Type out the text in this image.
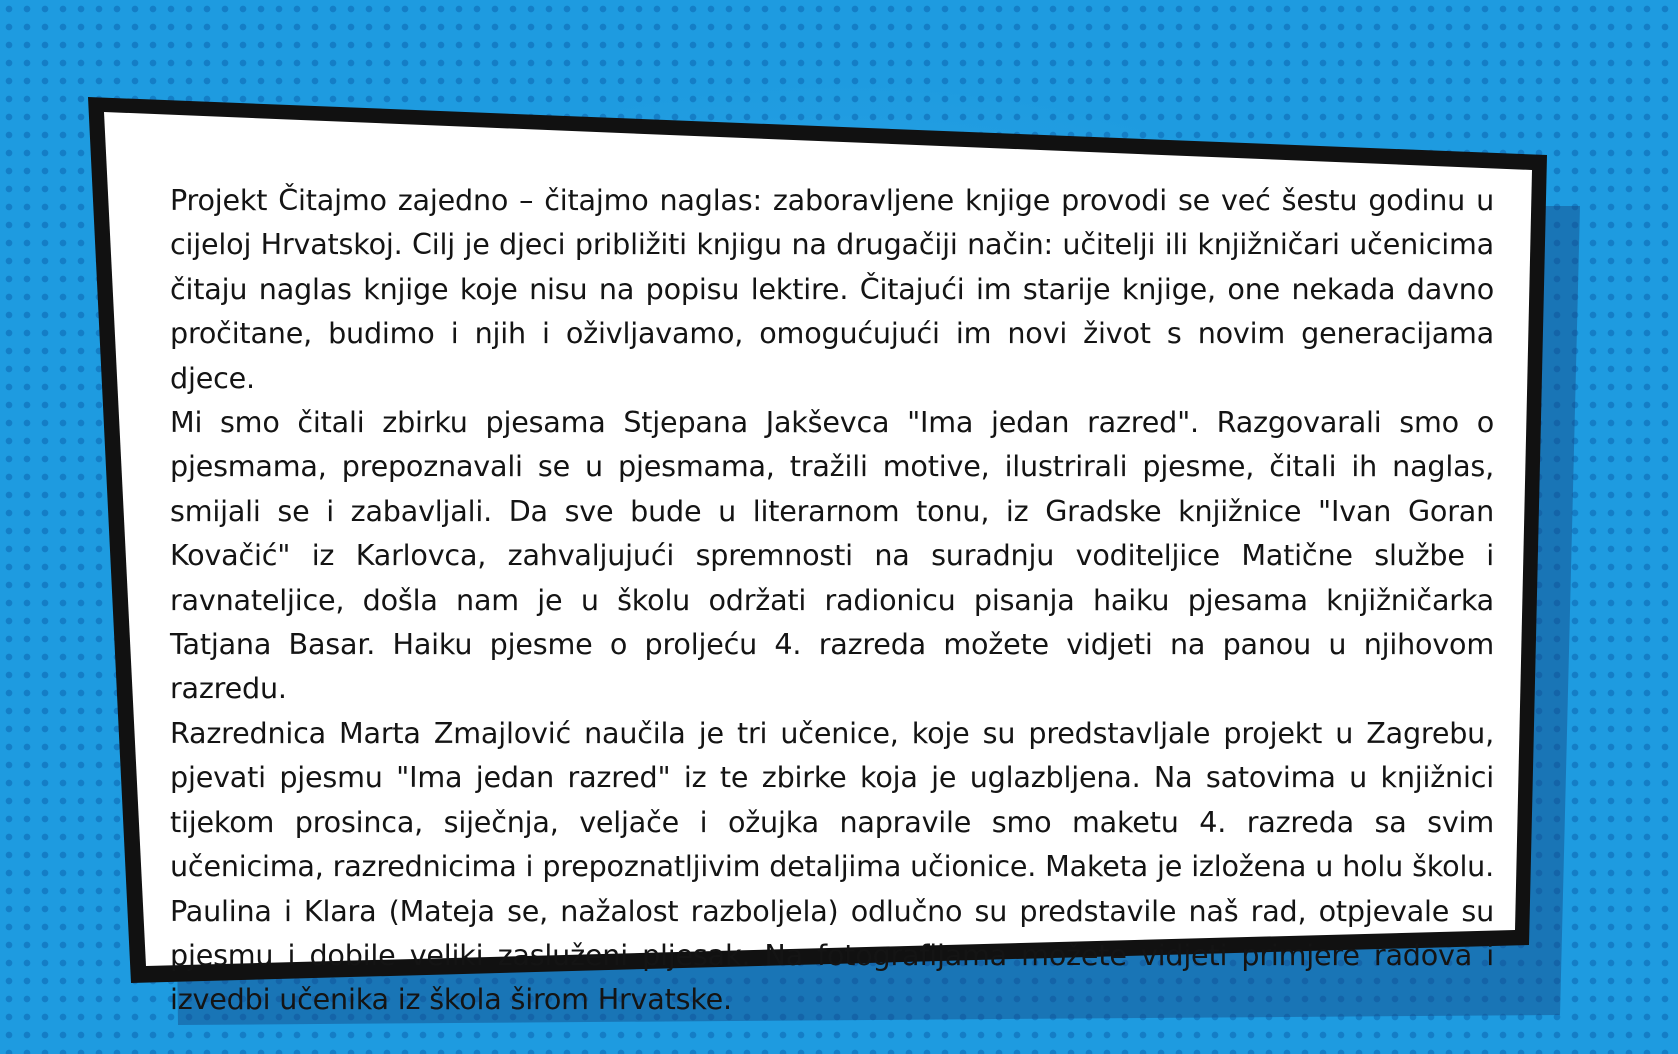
Projekt Čitajmo zajedno – čitajmo naglas: zaboravljene knjige provodi se već šestu godinu u cijeloj Hrvatskoj. Cilj je djeci približiti knjigu na drugačiji način: učitelji ili knjižničari učenicima čitaju naglas knjige koje nisu na popisu lektire. Čitajući im starije knjige, one nekada davno pročitane, budimo i njih i oživljavamo, omogućujući im novi život s novim generacijama djece.

Mi smo čitali zbirku pjesama Stjepana Jakševca "Ima jedan razred". Razgovarali smo o pjesmama, prepoznavali se u pjesmama, tražili motive, ilustrirali pjesme, čitali ih naglas, smijali se i zabavljali. Da sve bude u literarnom tonu, iz Gradske knjižnice "Ivan Goran Kovačić" iz Karlovca, zahvaljujući spremnosti na suradnju voditeljice Matične službe i ravnateljice, došla nam je u školu održati radionicu pisanja haiku pjesama knjižničarka Tatjana Basar. Haiku pjesme o proljeću 4. razreda možete vidjeti na panou u njihovom razredu.

Razrednica Marta Zmajlović naučila je tri učenice, koje su predstavljale projekt u Zagrebu, pjevati pjesmu "Ima jedan razred" iz te zbirke koja je uglazbljena. Na satovima u knjižnici tijekom prosinca, siječnja, veljače i ožujka napravile smo maketu 4. razreda sa svim učenicima, razrednicima i prepoznatljivim detaljima učionice. Maketa je izložena u holu školu. Paulina i Klara (Mateja se, nažalost razboljela) odlučno su predstavile naš rad, otpjevale su pjesmu i dobile veliki zasluženi pljesak. Na fotografijama možete vidjeti primjere radova i izvedbi učenika iz škola širom Hrvatske.
